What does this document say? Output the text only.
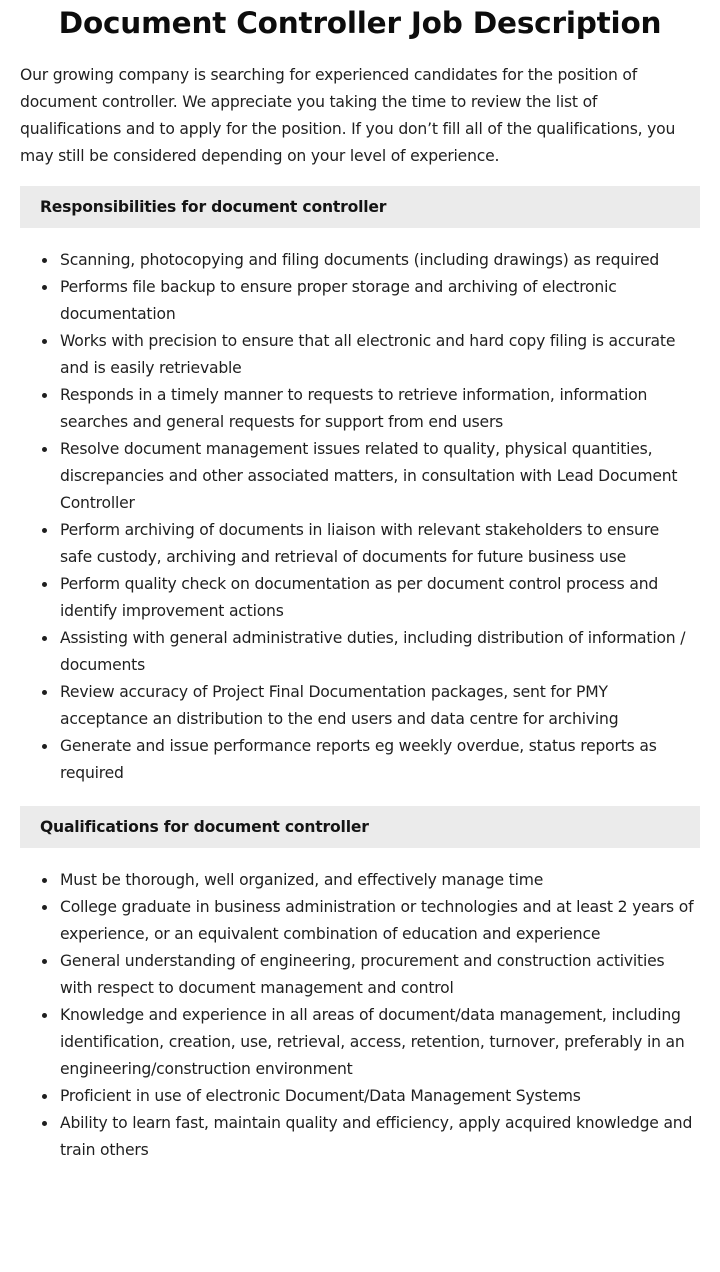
Document Controller Job Description

Our growing company is searching for experienced candidates for the position of document controller. We appreciate you taking the time to review the list of qualifications and to apply for the position. If you don’t fill all of the qualifications, you may still be considered depending on your level of experience.

Responsibilities for document controller
Scanning, photocopying and filing documents (including drawings) as required
Performs file backup to ensure proper storage and archiving of electronic documentation
Works with precision to ensure that all electronic and hard copy filing is accurate and is easily retrievable
Responds in a timely manner to requests to retrieve information, information searches and general requests for support from end users
Resolve document management issues related to quality, physical quantities, discrepancies and other associated matters, in consultation with Lead Document Controller
Perform archiving of documents in liaison with relevant stakeholders to ensure safe custody, archiving and retrieval of documents for future business use
Perform quality check on documentation as per document control process and identify improvement actions
Assisting with general administrative duties, including distribution of information / documents
Review accuracy of Project Final Documentation packages, sent for PMY acceptance an distribution to the end users and data centre for archiving
Generate and issue performance reports eg weekly overdue, status reports as required
Qualifications for document controller
Must be thorough, well organized, and effectively manage time
College graduate in business administration or technologies and at least 2 years of experience, or an equivalent combination of education and experience
General understanding of engineering, procurement and construction activities with respect to document management and control
Knowledge and experience in all areas of document/data management, including identification, creation, use, retrieval, access, retention, turnover, preferably in an engineering/construction environment
Proficient in use of electronic Document/Data Management Systems
Ability to learn fast, maintain quality and efficiency, apply acquired knowledge and train others
